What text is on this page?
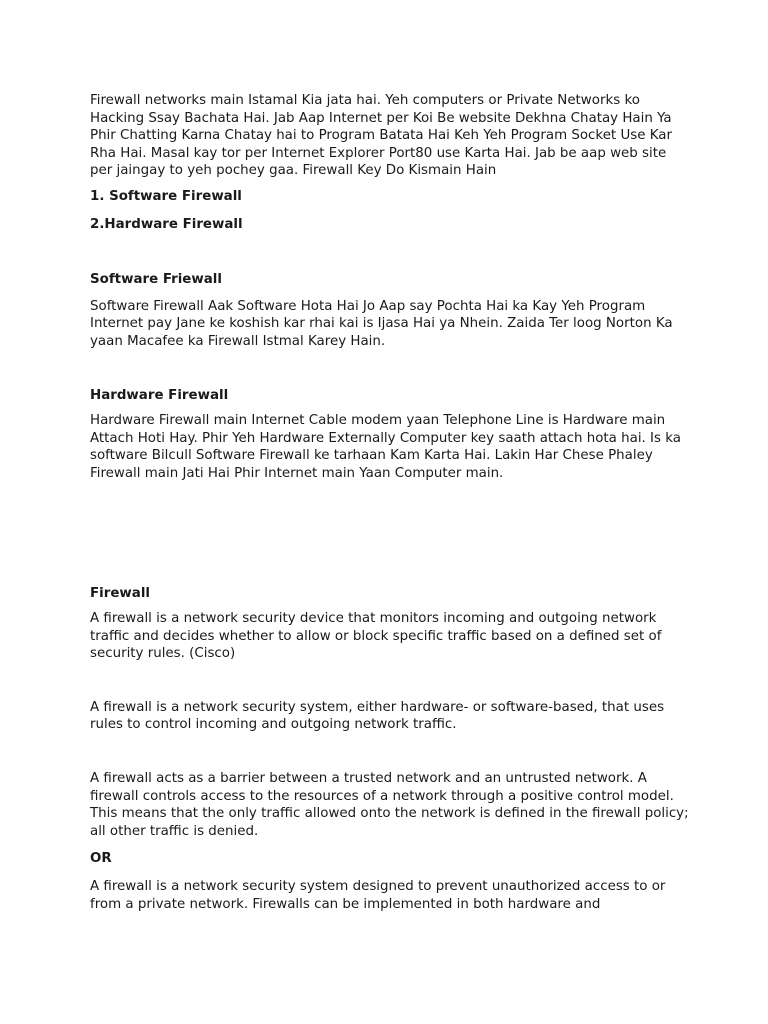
Firewall networks main Istamal Kia jata hai. Yeh computers or Private Networks ko Hacking Ssay Bachata Hai. Jab Aap Internet per Koi Be website Dekhna Chatay Hain Ya Phir Chatting Karna Chatay hai to Program Batata Hai Keh Yeh Program Socket Use Kar Rha Hai. Masal kay tor per Internet Explorer Port80 use Karta Hai. Jab be aap web site per jaingay to yeh pochey gaa. Firewall Key Do Kismain Hain

1. Software Firewall

2.Hardware Firewall

Software Friewall

Software Firewall Aak Software Hota Hai Jo Aap say Pochta Hai ka Kay Yeh Program Internet pay Jane ke koshish kar rhai kai is Ijasa Hai ya Nhein. Zaida Ter loog Norton Ka yaan Macafee ka Firewall Istmal Karey Hain.

Hardware Firewall

Hardware Firewall main Internet Cable modem yaan Telephone Line is Hardware main Attach Hoti Hay. Phir Yeh Hardware Externally Computer key saath attach hota hai. Is ka software Bilcull Software Firewall ke tarhaan Kam Karta Hai. Lakin Har Chese Phaley Firewall main Jati Hai Phir Internet main Yaan Computer main.

Firewall

A firewall is a network security device that monitors incoming and outgoing network traffic and decides whether to allow or block specific traffic based on a defined set of security rules. (Cisco)

A firewall is a network security system, either hardware- or software-based, that uses rules to control incoming and outgoing network traffic.

A firewall acts as a barrier between a trusted network and an untrusted network. A firewall controls access to the resources of a network through a positive control model. This means that the only traffic allowed onto the network is defined in the firewall policy; all other traffic is denied.

OR

A firewall is a network security system designed to prevent unauthorized access to or from a private network. Firewalls can be implemented in both hardware and
